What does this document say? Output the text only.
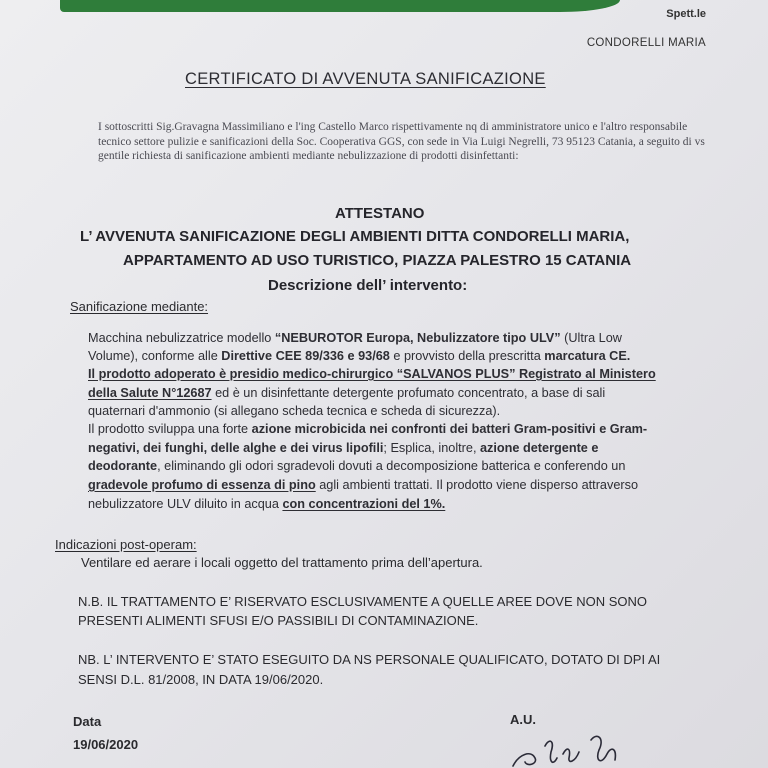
Spett.le
CONDORELLI MARIA
CERTIFICATO DI AVVENUTA SANIFICAZIONE
I sottoscritti Sig.Gravagna Massimiliano e l'ing Castello Marco rispettivamente nq di amministratore unico e l'altro responsabile tecnico settore pulizie e sanificazioni della Soc. Cooperativa GGS, con sede in Via Luigi Negrelli, 73 95123 Catania, a seguito di vs gentile richiesta di sanificazione ambienti mediante nebulizzazione di prodotti disinfettanti:
ATTESTANO
L’ AVVENUTA SANIFICAZIONE DEGLI AMBIENTI DITTA CONDORELLI MARIA,
APPARTAMENTO AD USO TURISTICO, PIAZZA PALESTRO 15 CATANIA
Descrizione dell’ intervento:
Sanificazione mediante:
Macchina nebulizzatrice modello “NEBUROTOR Europa, Nebulizzatore tipo ULV” (Ultra Low
Volume), conforme alle Direttive CEE 89/336 e 93/68 e provvisto della prescritta marcatura CE.
Il prodotto adoperato è presidio medico-chirurgico “SALVANOS PLUS” Registrato al Ministero
della Salute N°12687 ed è un disinfettante detergente profumato concentrato, a base di sali
quaternari d'ammonio (si allegano scheda tecnica e scheda di sicurezza).
Il prodotto sviluppa una forte azione microbicida nei confronti dei batteri Gram-positivi e Gram-
negativi, dei funghi, delle alghe e dei virus lipofili; Esplica, inoltre, azione detergente e
deodorante, eliminando gli odori sgradevoli dovuti a decomposizione batterica e conferendo un
gradevole profumo di essenza di pino agli ambienti trattati. Il prodotto viene disperso attraverso
nebulizzatore ULV diluito in acqua con concentrazioni del 1%.
Indicazioni post-operam:
Ventilare ed aerare i locali oggetto del trattamento prima dell’apertura.
N.B. IL TRATTAMENTO E’ RISERVATO ESCLUSIVAMENTE A QUELLE AREE DOVE NON SONO
PRESENTI ALIMENTI SFUSI E/O PASSIBILI DI CONTAMINAZIONE.
NB. L’ INTERVENTO E’ STATO ESEGUITO DA NS PERSONALE QUALIFICATO, DOTATO DI DPI AI
SENSI D.L. 81/2008, IN DATA 19/06/2020.
Data
19/06/2020
A.U.
